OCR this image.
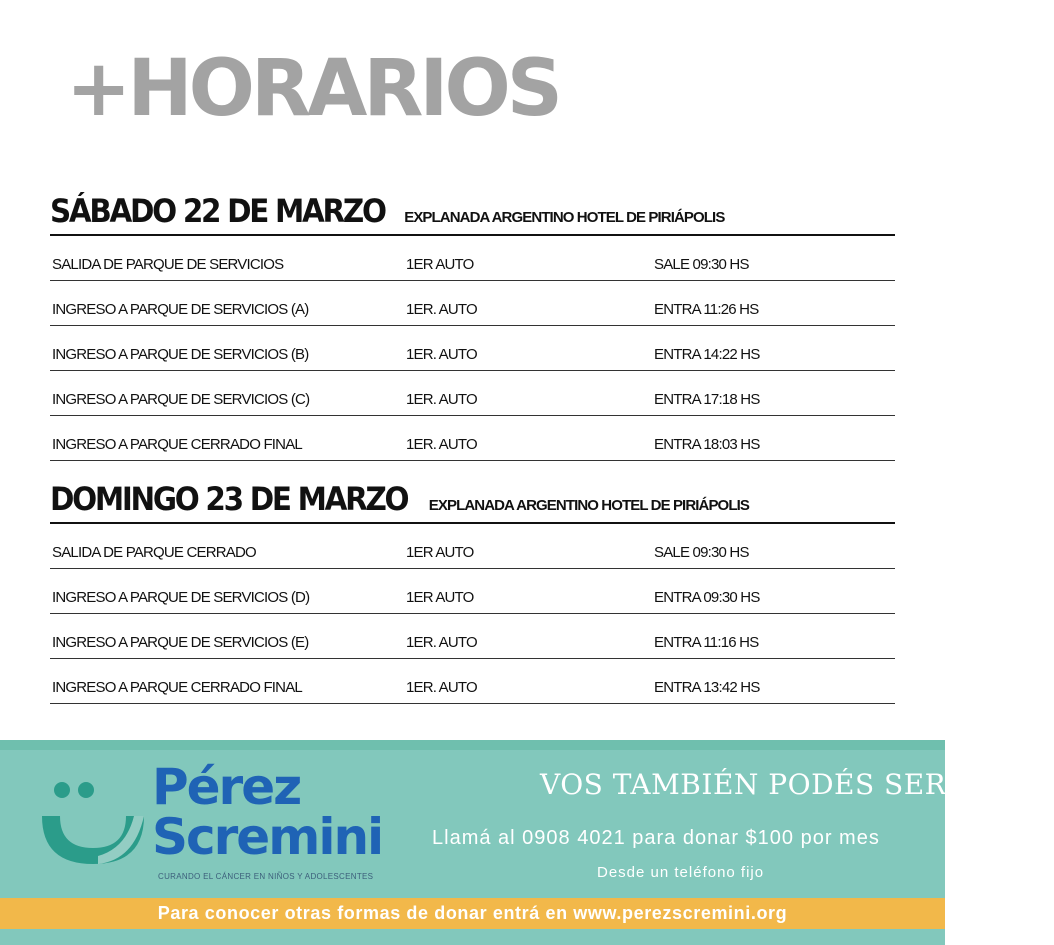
+HORARIOS
SÁBADO 22 DE MARZO EXPLANADA ARGENTINO HOTEL DE PIRIÁPOLIS
SALIDA DE PARQUE DE SERVICIOS	1ER AUTO	SALE 09:30 HS
INGRESO A PARQUE DE SERVICIOS (A)	1ER. AUTO	ENTRA 11:26 HS
INGRESO A PARQUE DE SERVICIOS (B)	1ER. AUTO	ENTRA 14:22 HS
INGRESO A PARQUE DE SERVICIOS (C)	1ER. AUTO	ENTRA 17:18 HS
INGRESO A PARQUE CERRADO FINAL	1ER. AUTO	ENTRA 18:03 HS
DOMINGO 23 DE MARZO EXPLANADA ARGENTINO HOTEL DE PIRIÁPOLIS
SALIDA DE PARQUE CERRADO	1ER AUTO	SALE 09:30 HS
INGRESO A PARQUE DE SERVICIOS (D)	1ER AUTO	ENTRA 09:30 HS
INGRESO A PARQUE DE SERVICIOS (E)	1ER. AUTO	ENTRA 11:16 HS
INGRESO A PARQUE CERRADO FINAL	1ER. AUTO	ENTRA 13:42 HS
Pérez
Scremini
CURANDO EL CÁNCER EN NIÑOS Y ADOLESCENTES
VOS TAMBIÉN PODÉS SER PARTE
Llamá al 0908 4021 para donar $100 por mes
Desde un teléfono fijo
Para conocer otras formas de donar entrá en www.perezscremini.org
